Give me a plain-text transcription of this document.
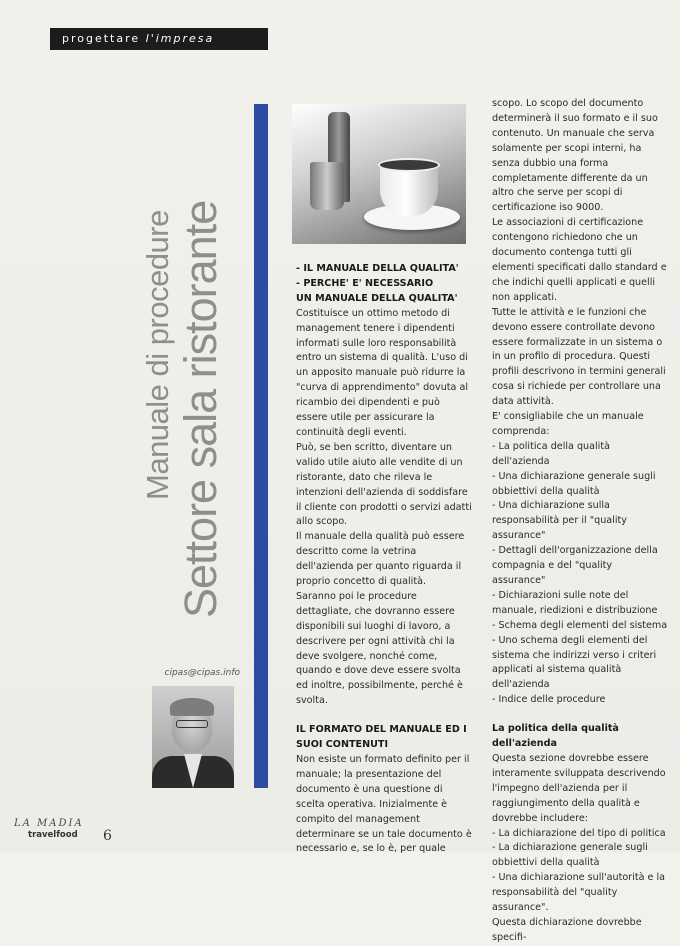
progettare l'impresa
Manuale di procedure Settore sala ristorante
GIANCARLO PASTORE
cipas@cipas.info

- IL MANUALE DELLA QUALITA'

- PERCHE' E' NECESSARIO

UN MANUALE DELLA QUALITA'

Costituisce un ottimo metodo di management tenere i dipendenti informati sulle loro responsabilità entro un sistema di qualità. L'uso di un apposito manuale può ridurre la "curva di apprendimento" dovuta al ricambio dei dipendenti e può essere utile per assicurare la continuità degli eventi.

Può, se ben scritto, diventare un valido utile aiuto alle vendite di un ristorante, dato che rileva le intenzioni dell'azienda di soddisfare il cliente con prodotti o servizi adatti allo scopo.

Il manuale della qualità può essere descritto come la vetrina dell'azienda per quanto riguarda il proprio concetto di qualità.

Saranno poi le procedure dettagliate, che dovranno essere disponibili sui luoghi di lavoro, a descrivere per ogni attività chi la deve svolgere, nonché come, quando e dove deve essere svolta ed inoltre, possibilmente, perché è svolta.

IL FORMATO DEL MANUALE ED I SUOI CONTENUTI

Non esiste un formato definito per il manuale; la presentazione del documento è una questione di scelta operativa. Inizialmente è compito del management determinare se un tale documento è necessario e, se lo è, per quale

scopo. Lo scopo del documento determinerà il suo formato e il suo contenuto. Un manuale che serva solamente per scopi interni, ha senza dubbio una forma completamente differente da un altro che serve per scopi di certificazione iso 9000.

Le associazioni di certificazione contengono richiedono che un documento contenga tutti gli elementi specificati dallo standard e che indichi quelli applicati e quelli non applicati.

Tutte le attività e le funzioni che devono essere controllate devono essere formalizzate in un sistema o in un profilo di procedura. Questi profili descrivono in termini generali cosa si richiede per controllare una data attività.

E' consigliabile che un manuale comprenda:

- La politica della qualità dell'azienda

- Una dichiarazione generale sugli obbiettivi della qualità

- Una dichiarazione sulla responsabilità per il "quality assurance"

- Dettagli dell'organizzazione della compagnia e del "quality assurance"

- Dichiarazioni sulle note del manuale, riedizioni e distribuzione

- Schema degli elementi del sistema

- Uno schema degli elementi del sistema che indirizzi verso i criteri applicati al sistema qualità dell'azienda

- Indice delle procedure

La politica della qualità dell'azienda

Questa sezione dovrebbe essere interamente sviluppata descrivendo l'impegno dell'azienda per il raggiungimento della qualità e dovrebbe includere:

- La dichiarazione del tipo di politica

- La dichiarazione generale sugli obbiettivi della qualità

- Una dichiarazione sull'autorità e la responsabilità del "quality assurance".

Questa dichiarazione dovrebbe specifi-

LA MADIA
travelfood 6
